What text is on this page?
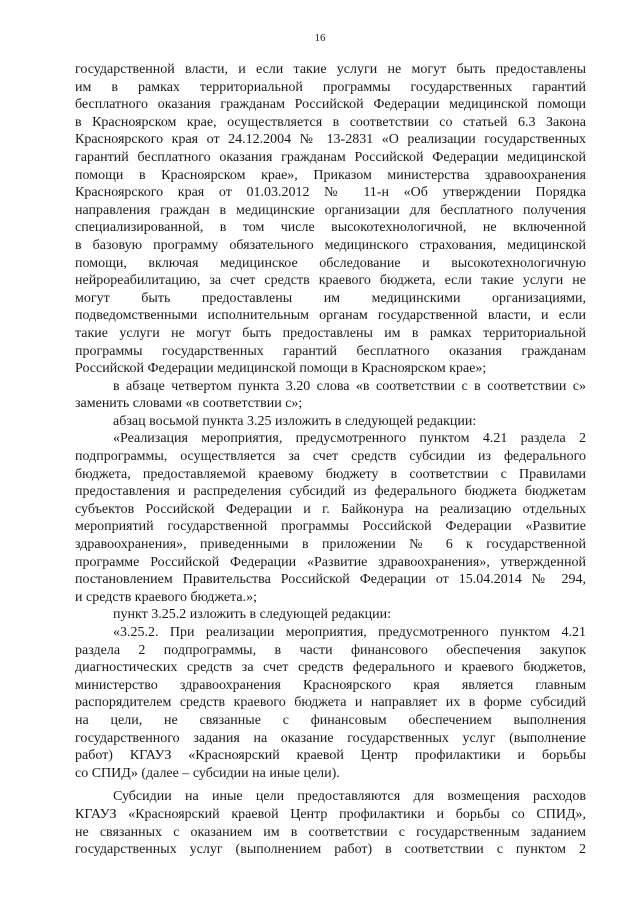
16
государственной власти, и если такие услуги не могут быть предоставлены
им в рамках территориальной программы государственных гарантий
бесплатного оказания гражданам Российской Федерации медицинской помощи
в Красноярском крае, осуществляется в соответствии со статьей 6.3 Закона
Красноярского края от 24.12.2004 № 13-2831 «О реализации государственных
гарантий бесплатного оказания гражданам Российской Федерации медицинской
помощи в Красноярском крае», Приказом министерства здравоохранения
Красноярского края от 01.03.2012 № 11-н «Об утверждении Порядка
направления граждан в медицинские организации для бесплатного получения
специализированной, в том числе высокотехнологичной, не включенной
в базовую программу обязательного медицинского страхования, медицинской
помощи, включая медицинское обследование и высокотехнологичную
нейрореабилитацию, за счет средств краевого бюджета, если такие услуги не
могут быть предоставлены им медицинскими организациями,
подведомственными исполнительным органам государственной власти, и если
такие услуги не могут быть предоставлены им в рамках территориальной
программы государственных гарантий бесплатного оказания гражданам
Российской Федерации медицинской помощи в Красноярском крае»;
в абзаце четвертом пункта 3.20 слова «в соответствии с в соответствии с»
заменить словами «в соответствии с»;
абзац восьмой пункта 3.25 изложить в следующей редакции:
«Реализация мероприятия, предусмотренного пунктом 4.21 раздела 2
подпрограммы, осуществляется за счет средств субсидии из федерального
бюджета, предоставляемой краевому бюджету в соответствии с Правилами
предоставления и распределения субсидий из федерального бюджета бюджетам
субъектов Российской Федерации и г. Байконура на реализацию отдельных
мероприятий государственной программы Российской Федерации «Развитие
здравоохранения», приведенными в приложении № 6 к государственной
программе Российской Федерации «Развитие здравоохранения», утвержденной
постановлением Правительства Российской Федерации от 15.04.2014 № 294,
и средств краевого бюджета.»;
пункт 3.25.2 изложить в следующей редакции:
«3.25.2. При реализации мероприятия, предусмотренного пунктом 4.21
раздела 2 подпрограммы, в части финансового обеспечения закупок
диагностических средств за счет средств федерального и краевого бюджетов,
министерство здравоохранения Красноярского края является главным
распорядителем средств краевого бюджета и направляет их в форме субсидий
на цели, не связанные с финансовым обеспечением выполнения
государственного задания на оказание государственных услуг (выполнение
работ) КГАУЗ «Красноярский краевой Центр профилактики и борьбы
со СПИД» (далее – субсидии на иные цели).
Субсидии на иные цели предоставляются для возмещения расходов
КГАУЗ «Красноярский краевой Центр профилактики и борьбы со СПИД»,
не связанных с оказанием им в соответствии с государственным заданием
государственных услуг (выполнением работ) в соответствии с пунктом 2
